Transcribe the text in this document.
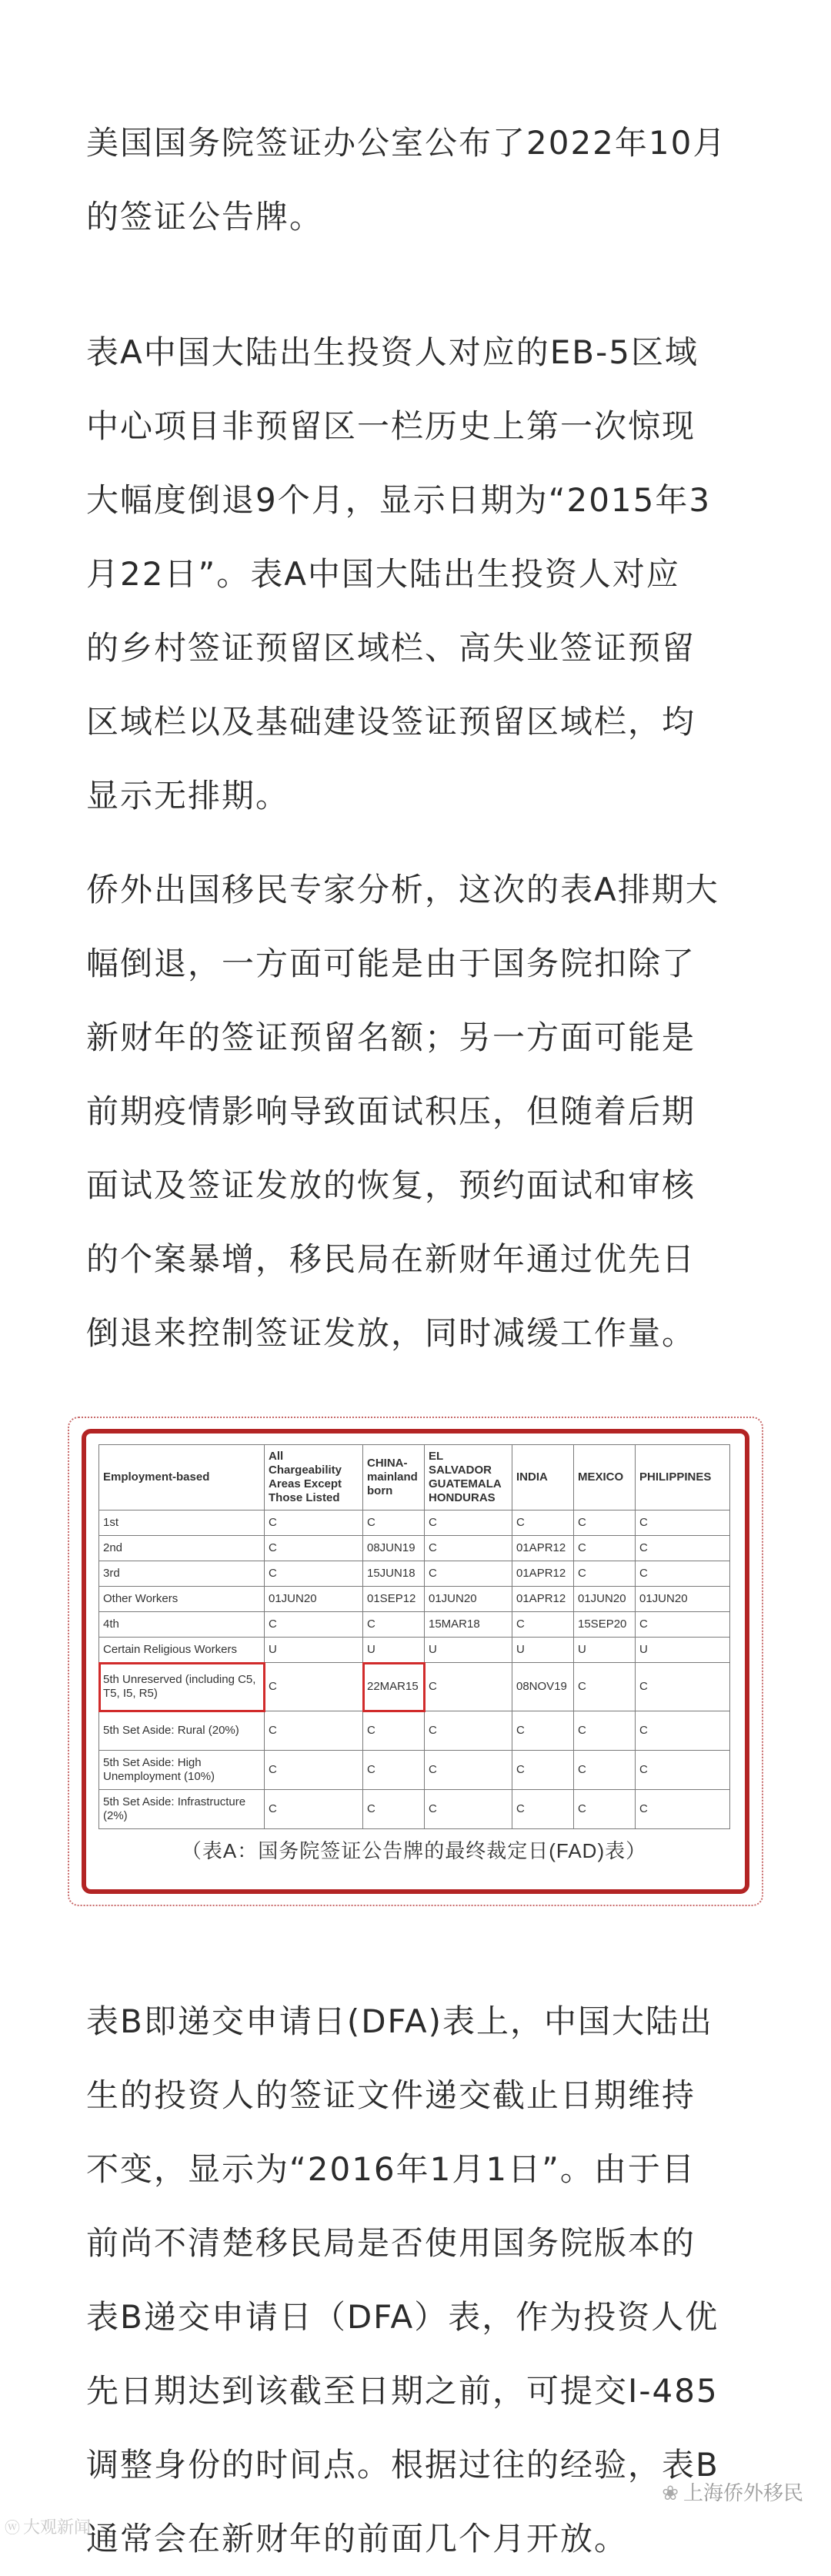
美国国务院签证办公室公布了2022年10月
的签证公告牌。
表A中国大陆出生投资人对应的EB-5区域
中心项目非预留区一栏历史上第一次惊现
大幅度倒退9个月，显示日期为“2015年3
月22日”。表A中国大陆出生投资人对应
的乡村签证预留区域栏、高失业签证预留
区域栏以及基础建设签证预留区域栏，均
显示无排期。
侨外出国移民专家分析，这次的表A排期大
幅倒退，一方面可能是由于国务院扣除了
新财年的签证预留名额；另一方面可能是
前期疫情影响导致面试积压，但随着后期
面试及签证发放的恢复，预约面试和审核
的个案暴增，移民局在新财年通过优先日
倒退来控制签证发放，同时减缓工作量。
Employment-based	All Chargeability Areas Except Those Listed	CHINA-mainland born	EL SALVADOR GUATEMALA HONDURAS	INDIA	MEXICO	PHILIPPINES
1st	C	C	C	C	C	C
2nd	C	08JUN19	C	01APR12	C	C
3rd	C	15JUN18	C	01APR12	C	C
Other Workers	01JUN20	01SEP12	01JUN20	01APR12	01JUN20	01JUN20
4th	C	C	15MAR18	C	15SEP20	C
Certain Religious Workers	U	U	U	U	U	U
5th Unreserved (including C5, T5, I5, R5)	C	22MAR15	C	08NOV19	C	C
5th Set Aside: Rural (20%)	C	C	C	C	C	C
5th Set Aside: High Unemployment (10%)	C	C	C	C	C	C
5th Set Aside: Infrastructure (2%)	C	C	C	C	C	C
（表A：国务院签证公告牌的最终裁定日(FAD)表）
表B即递交申请日(DFA)表上，中国大陆出
生的投资人的签证文件递交截止日期维持
不变，显示为“2016年1月1日”。由于目
前尚不清楚移民局是否使用国务院版本的
表B递交申请日（DFA）表，作为投资人优
先日期达到该截至日期之前，可提交I-485
调整身份的时间点。根据过往的经验，表B
通常会在新财年的前面几个月开放。
ⓦ 大观新闻
❀ 上海侨外移民
